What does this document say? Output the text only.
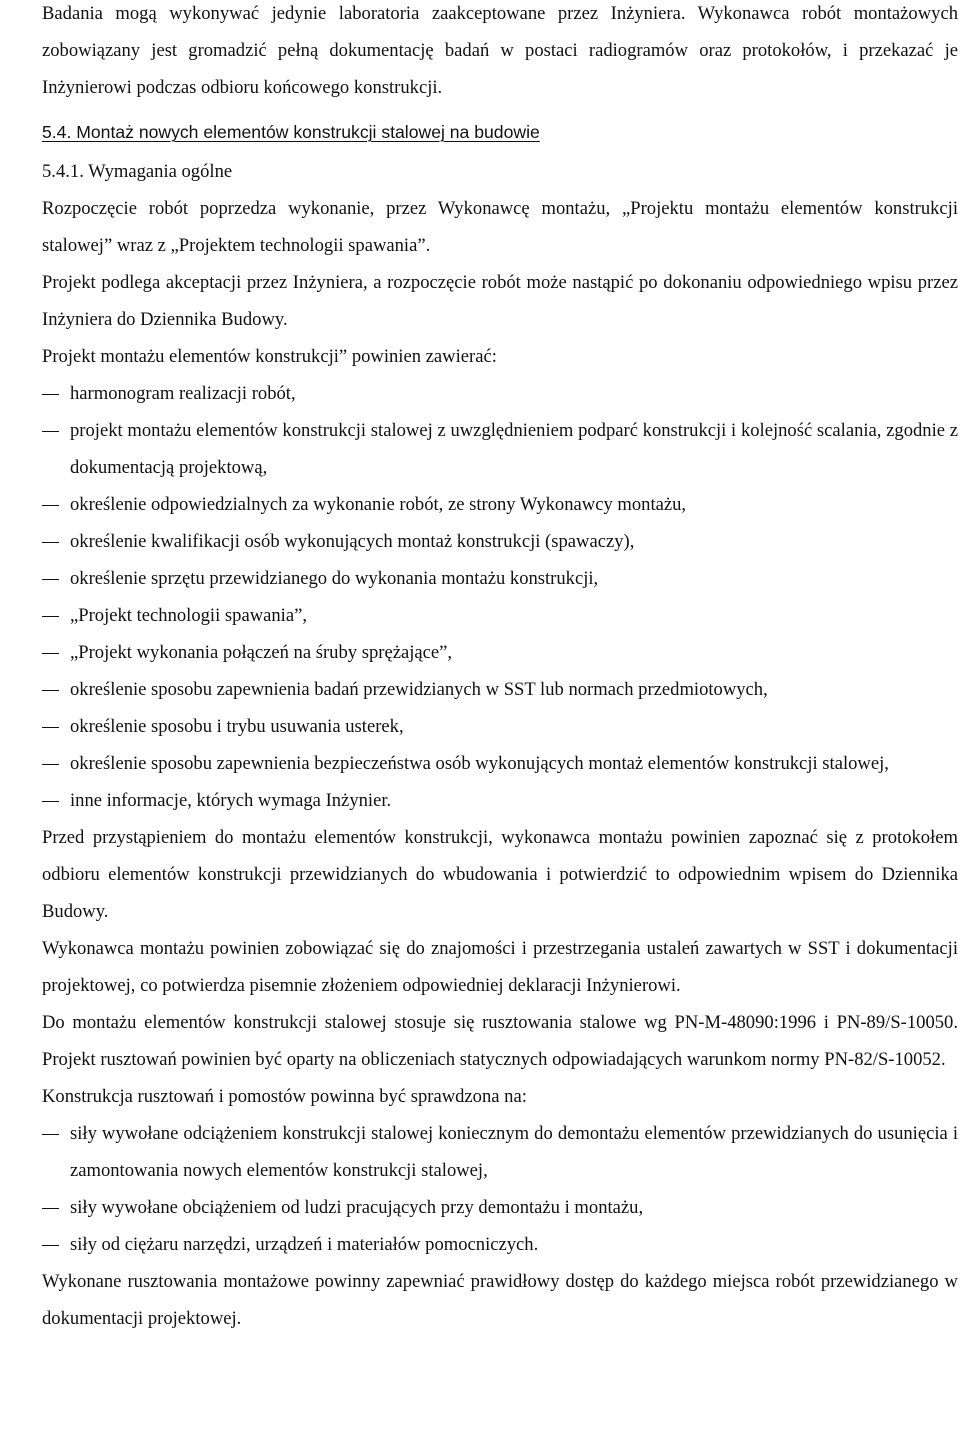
Badania mogą wykonywać jedynie laboratoria zaakceptowane przez Inżyniera. Wykonawca robót montażowych zobowiązany jest gromadzić pełną dokumentację badań w postaci radiogramów oraz protokołów, i przekazać je Inżynierowi podczas odbioru końcowego konstrukcji.

5.4. Montaż nowych elementów konstrukcji stalowej na budowie

5.4.1. Wymagania ogólne

Rozpoczęcie robót poprzedza wykonanie, przez Wykonawcę montażu, „Projektu montażu elementów konstrukcji stalowej” wraz z „Projektem technologii spawania”.

Projekt podlega akceptacji przez Inżyniera, a rozpoczęcie robót może nastąpić po dokonaniu odpowiedniego wpisu przez Inżyniera do Dziennika Budowy.

Projekt montażu elementów konstrukcji” powinien zawierać:

harmonogram realizacji robót,
projekt montażu elementów konstrukcji stalowej z uwzględnieniem podparć konstrukcji i kolejność scalania, zgodnie z dokumentacją projektową,
określenie odpowiedzialnych za wykonanie robót, ze strony Wykonawcy montażu,
określenie kwalifikacji osób wykonujących montaż konstrukcji (spawaczy),
określenie sprzętu przewidzianego do wykonania montażu konstrukcji,
„Projekt technologii spawania”,
„Projekt wykonania połączeń na śruby sprężające”,
określenie sposobu zapewnienia badań przewidzianych w SST lub normach przedmiotowych,
określenie sposobu i trybu usuwania usterek,
określenie sposobu zapewnienia bezpieczeństwa osób wykonujących montaż elementów konstrukcji stalowej,
inne informacje, których wymaga Inżynier.

Przed przystąpieniem do montażu elementów konstrukcji, wykonawca montażu powinien zapoznać się z protokołem odbioru elementów konstrukcji przewidzianych do wbudowania i potwierdzić to odpowiednim wpisem do Dziennika Budowy.

Wykonawca montażu powinien zobowiązać się do znajomości i przestrzegania ustaleń zawartych w SST i dokumentacji projektowej, co potwierdza pisemnie złożeniem odpowiedniej deklaracji Inżynierowi.

Do montażu elementów konstrukcji stalowej stosuje się rusztowania stalowe wg PN-M-48090:1996 i PN-89/S-10050. Projekt rusztowań powinien być oparty na obliczeniach statycznych odpowiadających warunkom normy PN-82/S-10052.

Konstrukcja rusztowań i pomostów powinna być sprawdzona na:

siły wywołane odciążeniem konstrukcji stalowej koniecznym do demontażu elementów przewidzianych do usunięcia i zamontowania nowych elementów konstrukcji stalowej,
siły wywołane obciążeniem od ludzi pracujących przy demontażu i montażu,
siły od ciężaru narzędzi, urządzeń i materiałów pomocniczych.

Wykonane rusztowania montażowe powinny zapewniać prawidłowy dostęp do każdego miejsca robót przewidzianego w dokumentacji projektowej.
